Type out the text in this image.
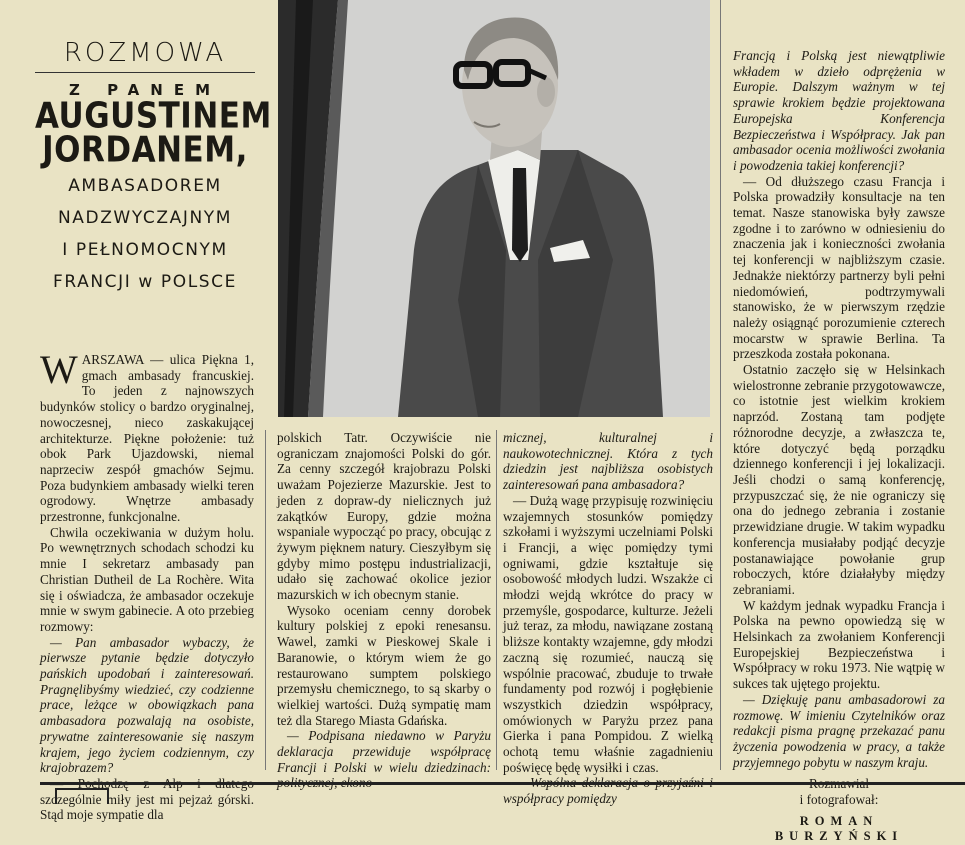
ROZMOWA
Z PANEM
AUGUSTINEM
JORDANEM,
AMBASADOREM
NADZWYCZAJNYM
I PEŁNOMOCNYM
FRANCJI w POLSCE

WARSZAWA — ulica Piękna 1, gmach ambasady francuskiej. To jeden z najnowszych budynków stolicy o bardzo oryginalnej, nowoczesnej, nieco zaskakującej architekturze. Piękne położenie: tuż obok Park Ujazdowski, niemal naprzeciw zespół gmachów Sejmu. Poza budynkiem ambasady wielki teren ogrodowy. Wnętrze ambasady przestronne, funkcjonalne.

Chwila oczekiwania w dużym holu. Po wewnętrznych schodach schodzi ku mnie I sekretarz ambasady pan Christian Dutheil de La Rochère. Wita się i oświadcza, że ambasador oczekuje mnie w swym gabinecie. A oto przebieg rozmowy:

— Pan ambasador wybaczy, że pierwsze pytanie będzie dotyczyło pańskich upodobań i zainteresowań. Pragnęlibyśmy wiedzieć, czy codzienne prace, leżące w obowiązkach pana ambasadora pozwalają na osobiste, prywatne zainteresowanie się naszym krajem, jego życiem codziennym, czy krajobrazem?

szczególnie miły jest mi pejzaż górski. Stąd moje sympatie dla

polskich Tatr. Oczywiście nie ograniczam znajomości Polski do gór. Za cenny szczegół krajobrazu Polski uważam Pojezierze Mazurskie. Jest to jeden z dopraw-dy nielicznych już zakątków Europy, gdzie można wspaniale wypocząć po pracy, obcując z żywym pięknem natury. Cieszyłbym się gdyby mimo postępu industrializacji, udało się zachować okolice jezior mazurskich w ich obecnym stanie.

Wysoko oceniam cenny dorobek kultury polskiej z epoki renesansu. Wawel, zamki w Pieskowej Skale i Baranowie, o którym wiem że go restaurowano sumptem polskiego przemysłu chemicznego, to są skarby o wielkiej wartości. Dużą sympatię mam też dla Starego Miasta Gdańska.

— Podpisana niedawno w Paryżu deklaracja przewiduje współpracę Francji i Polski w wielu dziedzinach:

micznej, kulturalnej i naukowotechnicznej. Która z tych dziedzin jest najbliższa osobistych zainteresowań pana ambasadora?

— Dużą wagę przypisuję rozwinięciu wzajemnych stosunków pomiędzy szkołami i wyższymi uczelniami Polski i Francji, a więc pomiędzy tymi ogniwami, gdzie kształtuje się osobowość młodych ludzi. Wszakże ci młodzi wejdą wkrótce do pracy w przemyśle, gospodarce, kulturze. Jeżeli już teraz, za młodu, nawiązane zostaną bliższe kontakty wzajemne, gdy młodzi zaczną się rozumieć, nauczą się wspólnie pracować, zbuduje to trwałe fundamenty pod rozwój i pogłębienie wszystkich dziedzin współpracy, omówionych w Paryżu przez pana Gierka i pana Pompidou. Z wielką ochotą temu właśnie zagadnieniu poświęcę będę wysiłki i czas.

współpracy pomiędzy

Francją i Polską jest niewątpliwie wkładem w dzieło odprężenia w Europie. Dalszym ważnym w tej sprawie krokiem będzie projektowana Europejska Konferencja Bezpieczeństwa i Współpracy. Jak pan ambasador ocenia możliwości zwołania i powodzenia takiej konferencji?

— Od dłuższego czasu Francja i Polska prowadziły konsultacje na ten temat. Nasze stanowiska były zawsze zgodne i to zarówno w odniesieniu do znaczenia jak i konieczności zwołania tej konferencji w najbliższym czasie. Jednakże niektórzy partnerzy byli pełni niedomówień, podtrzymywali stanowisko, że w pierwszym rzędzie należy osiągnąć porozumienie czterech mocarstw w sprawie Berlina. Ta przeszkoda została pokonana.

Ostatnio zaczęło się w Helsinkach wielostronne zebranie przygotowawcze, co istotnie jest wielkim krokiem naprzód. Zostaną tam podjęte różnorodne decyzje, a zwłaszcza te, które dotyczyć będą porządku dziennego konferencji i jej lokalizacji. Jeśli chodzi o samą konferencję, przypuszczać się, że nie ograniczy się ona do jednego zebrania i zostanie przewidziane drugie. W takim wypadku konferencja musiałaby podjąć decyzje postanawiające powołanie grup roboczych, które działałyby między zebraniami.

W każdym jednak wypadku Francja i Polska na pewno opowiedzą się w Helsinkach za zwołaniem Konferencji Europejskiej Bezpieczeństwa i Współpracy w roku 1973. Nie wątpię w sukces tak ujętego projektu.

— Dziękuję panu ambasadorowi za rozmowę. W imieniu Czytelników oraz redakcji pisma pragnę przekazać panu życzenia powodzenia w pracy, a także przyjemnego pobytu w naszym kraju.

i fotografował:

ROMAN BURZYŃSKI
